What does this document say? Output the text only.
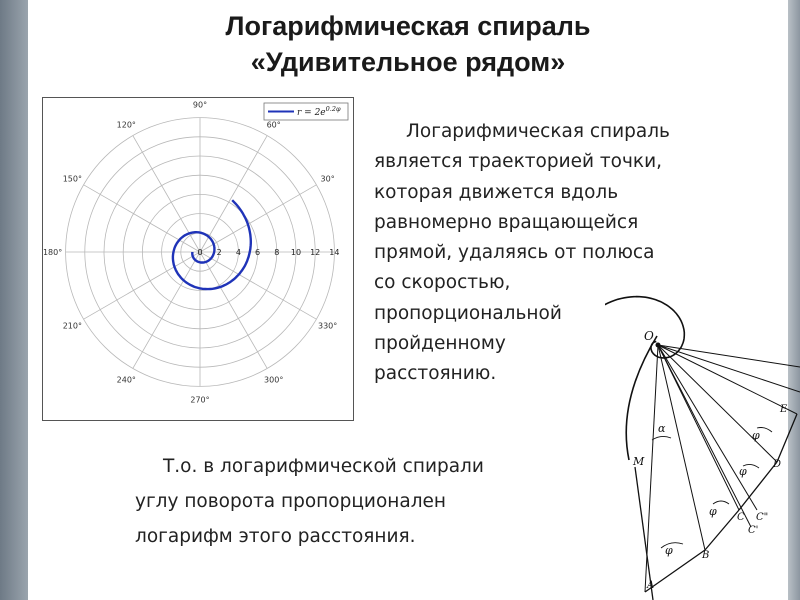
Логарифмическая спираль
«Удивительное рядом»
Логарифмическая спираль
является траекторией точки,
которая движется вдоль
равномерно вращающейся
прямой, удаляясь от полюса
со скоростью,
пропорциональной
пройденному
расстоянию.
Т.о. в логарифмической спирали
углу поворота пропорционален
логарифм этого расстояния.
30°
60°
90°
120°
150°
180°
210°
240°
270°
300°
330°
0 2 4 6 8 10 12 14
$r = 2e^{0.2\varphi}$
O
M
A
B
C
C'
C"
D
E
α
φ
φ
φ
φ
